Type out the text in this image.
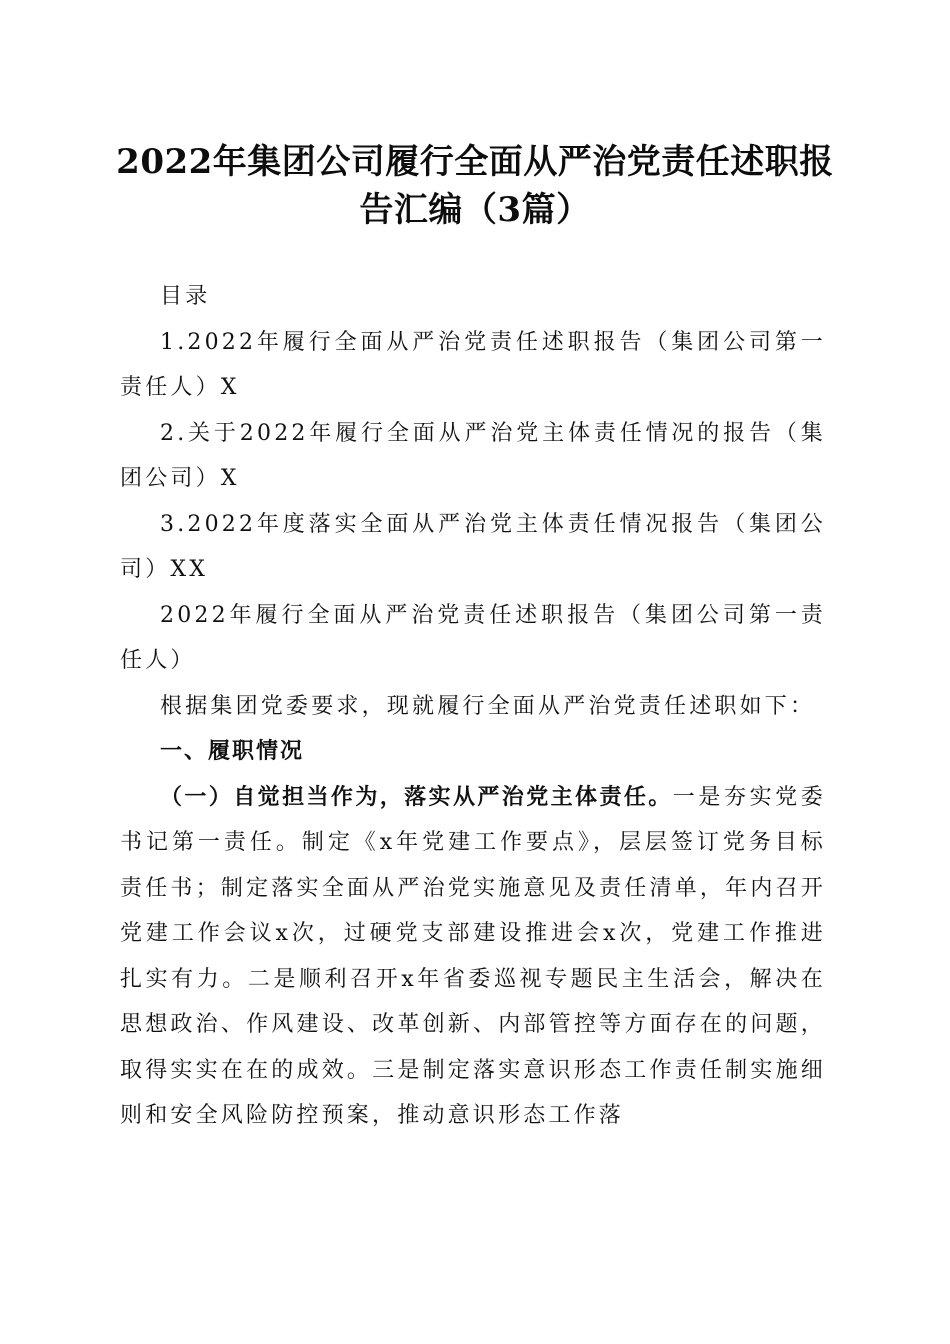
2022年集团公司履行全面从严治党责任述职报告汇编（3篇）

目录

1.2022年履行全面从严治党责任述职报告（集团公司第一责任人）X

2.关于2022年履行全面从严治党主体责任情况的报告（集团公司）X

3.2022年度落实全面从严治党主体责任情况报告（集团公司）XX

2022年履行全面从严治党责任述职报告（集团公司第一责任人）

根据集团党委要求，现就履行全面从严治党责任述职如下：

一、履职情况

（一）自觉担当作为，落实从严治党主体责任。一是夯实党委书记第一责任。制定《x年党建工作要点》，层层签订党务目标责任书；制定落实全面从严治党实施意见及责任清单，年内召开党建工作会议x次，过硬党支部建设推进会x次，党建工作推进扎实有力。二是顺利召开x年省委巡视专题民主生活会，解决在思想政治、作风建设、改革创新、内部管控等方面存在的问题，取得实实在在的成效。三是制定落实意识形态工作责任制实施细则和安全风险防控预案，推动意识形态工作落
